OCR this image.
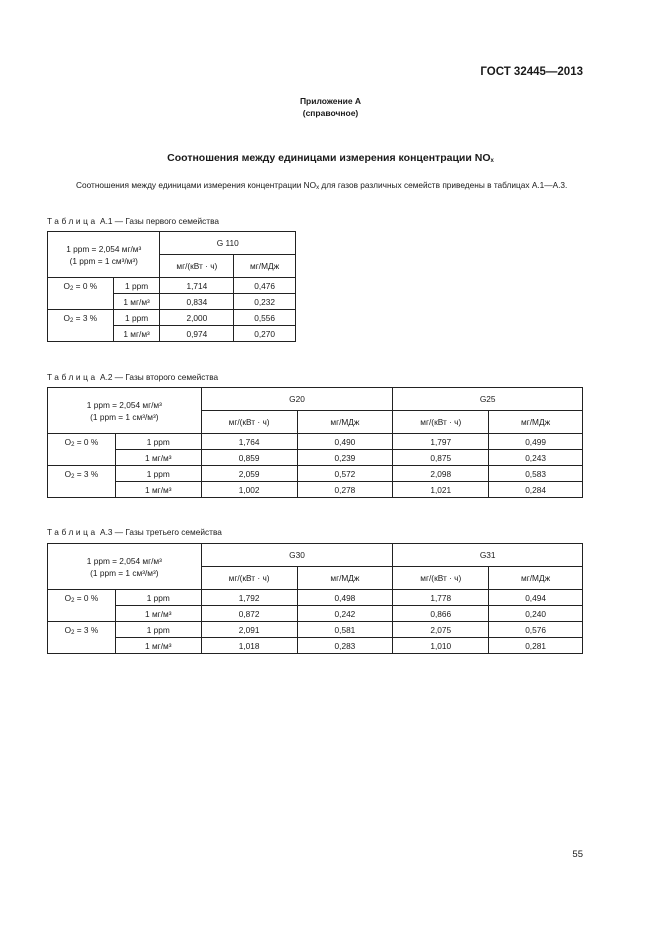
ГОСТ 32445—2013
Приложение А
(справочное)
Соотношения между единицами измерения концентрации $NO_x$
Соотношения между единицами измерения концентрации $NO_x$ для газов различных семейств приведены в таблицах А.1—А.3.
Таблица А.1 — Газы первого семейства
1 ppm = 2,054 мг/м³
(1 ppm = 1 см³/м³)		G 110	
		мг/(кВт · ч)	мг/МДж
$О_2 = 0$ %	1 ppm	1,714	0,476
	1 мг/м³	0,834	0,232
$О_2 = 3$ %	1 ppm	2,000	0,556
	1 мг/м³	0,974	0,270
Таблица А.2 — Газы второго семейства
1 ppm = 2,054 мг/м³
(1 ppm = 1 см³/м³)		G20		G25	
		мг/(кВт · ч)	мг/МДж	мг/(кВт · ч)	мг/МДж
$О_2 = 0$ %	1 ppm	1,764	0,490	1,797	0,499
	1 мг/м³	0,859	0,239	0,875	0,243
$О_2 = 3$ %	1 ppm	2,059	0,572	2,098	0,583
	1 мг/м³	1,002	0,278	1,021	0,284
Таблица А.3 — Газы третьего семейства
1 ppm = 2,054 мг/м³
(1 ppm = 1 см³/м³)		G30		G31	
		мг/(кВт · ч)	мг/МДж	мг/(кВт · ч)	мг/МДж
$О_2 = 0$ %	1 ppm	1,792	0,498	1,778	0,494
	1 мг/м³	0,872	0,242	0,866	0,240
$О_2 = 3$ %	1 ppm	2,091	0,581	2,075	0,576
	1 мг/м³	1,018	0,283	1,010	0,281
55
